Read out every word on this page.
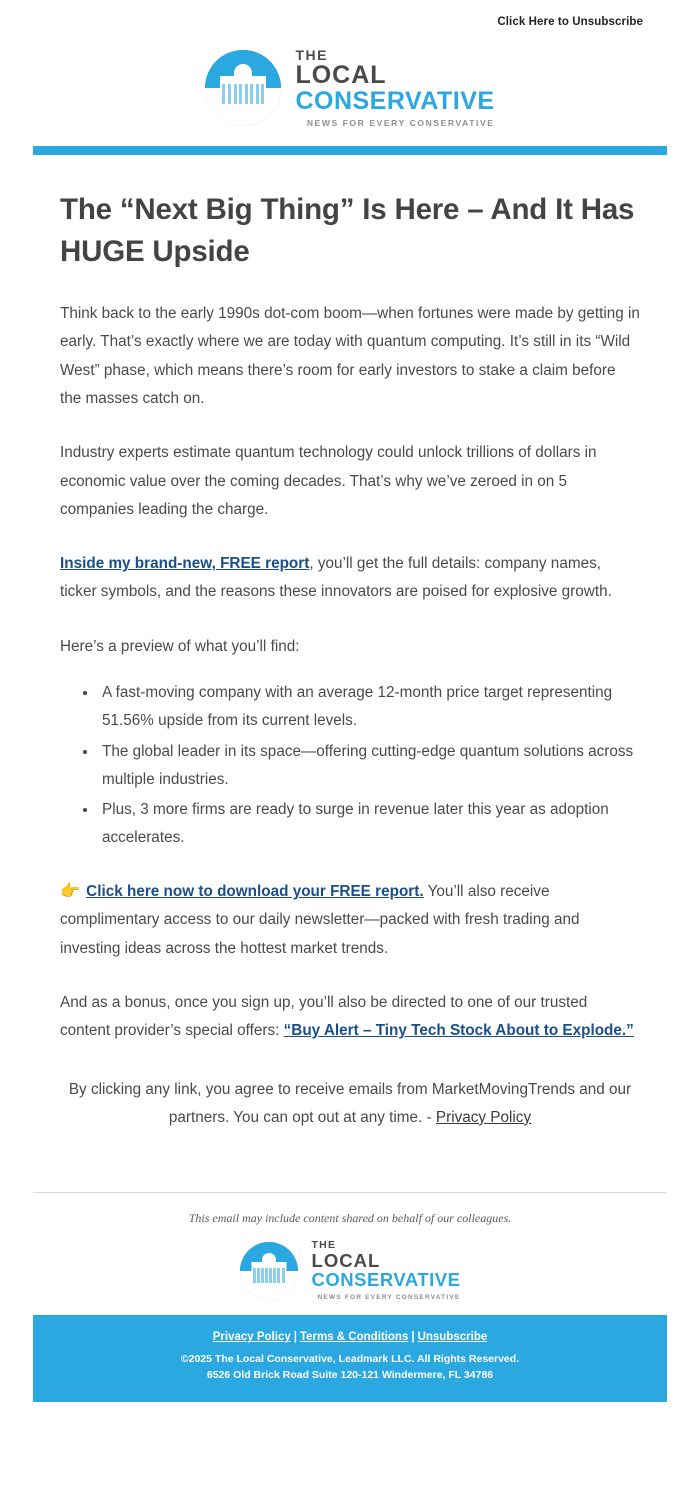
Click Here to Unsubscribe
THE
LOCAL
CONSERVATIVE
NEWS FOR EVERY CONSERVATIVE
The “Next Big Thing” Is Here – And It Has HUGE Upside

Think back to the early 1990s dot-com boom—when fortunes were made by getting in early. That’s exactly where we are today with quantum computing. It’s still in its “Wild West” phase, which means there’s room for early investors to stake a claim before the masses catch on.

Industry experts estimate quantum technology could unlock trillions of dollars in economic value over the coming decades. That’s why we’ve zeroed in on 5 companies leading the charge.

Inside my brand-new, FREE report, you’ll get the full details: company names, ticker symbols, and the reasons these innovators are poised for explosive growth.

Here’s a preview of what you’ll find:

• A fast-moving company with an average 12-month price target representing 51.56% upside from its current levels.
• The global leader in its space—offering cutting-edge quantum solutions across multiple industries.
• Plus, 3 more firms are ready to surge in revenue later this year as adoption accelerates.

👉 Click here now to download your FREE report. You’ll also receive complimentary access to our daily newsletter—packed with fresh trading and investing ideas across the hottest market trends.

And as a bonus, once you sign up, you’ll also be directed to one of our trusted content provider’s special offers: “Buy Alert – Tiny Tech Stock About to Explode.”

By clicking any link, you agree to receive emails from MarketMovingTrends and our partners. You can opt out at any time. - Privacy Policy

This email may include content shared on behalf of our colleagues.
THE
LOCAL
CONSERVATIVE
NEWS FOR EVERY CONSERVATIVE
Privacy Policy | Terms & Conditions | Unsubscribe
©2025 The Local Conservative, Leadmark LLC. All Rights Reserved.
6526 Old Brick Road Suite 120-121 Windermere, FL 34786
